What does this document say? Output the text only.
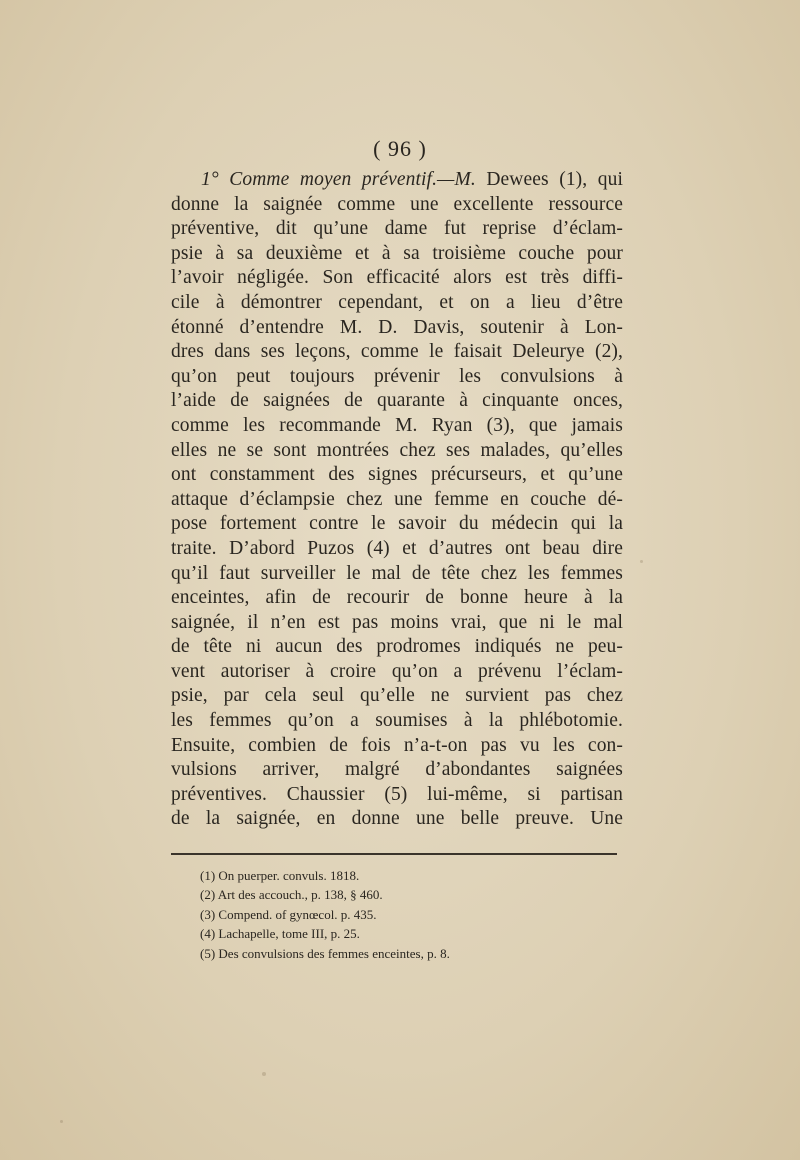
( 96 )
1° Comme moyen préventif.—M. Dewees (1), qui
donne la saignée comme une excellente ressource
préventive, dit qu’une dame fut reprise d’éclam-
psie à sa deuxième et à sa troisième couche pour
l’avoir négligée. Son efficacité alors est très diffi-
cile à démontrer cependant, et on a lieu d’être
étonné d’entendre M. D. Davis, soutenir à Lon-
dres dans ses leçons, comme le faisait Deleurye (2),
qu’on peut toujours prévenir les convulsions à
l’aide de saignées de quarante à cinquante onces,
comme les recommande M. Ryan (3), que jamais
elles ne se sont montrées chez ses malades, qu’elles
ont constamment des signes précurseurs, et qu’une
attaque d’éclampsie chez une femme en couche dé-
pose fortement contre le savoir du médecin qui la
traite. D’abord Puzos (4) et d’autres ont beau dire
qu’il faut surveiller le mal de tête chez les femmes
enceintes, afin de recourir de bonne heure à la
saignée, il n’en est pas moins vrai, que ni le mal
de tête ni aucun des prodromes indiqués ne peu-
vent autoriser à croire qu’on a prévenu l’éclam-
psie, par cela seul qu’elle ne survient pas chez
les femmes qu’on a soumises à la phlébotomie.
Ensuite, combien de fois n’a-t-on pas vu les con-
vulsions arriver, malgré d’abondantes saignées
préventives. Chaussier (5) lui-même, si partisan
de la saignée, en donne une belle preuve. Une
(1) On puerper. convuls. 1818.
(2) Art des accouch., p. 138, § 460.
(3) Compend. of gynœcol. p. 435.
(4) Lachapelle, tome III, p. 25.
(5) Des convulsions des femmes enceintes, p. 8.
